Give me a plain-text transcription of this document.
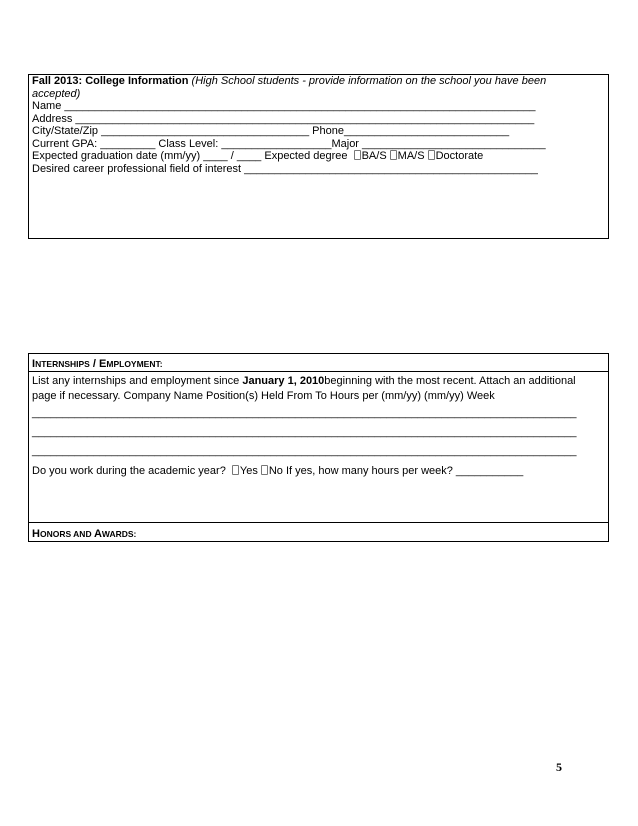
Fall 2013: College Information (High School students - provide information on the school you have been
accepted)
Name _____________________________________________________________________________
Address ___________________________________________________________________________
City/State/Zip __________________________________ Phone___________________________
Current GPA: _________ Class Level: __________________Major ______________________________
Expected graduation date (mm/yy) ____ / ____ Expected degree BA/S MA/S Doctorate
Desired career professional field of interest ________________________________________________
INTERNSHIPS / EMPLOYMENT:
List any internships and employment since January 1, 2010beginning with the most recent. Attach an additional
page if necessary. Company Name Position(s) Held From To Hours per (mm/yy) (mm/yy) Week
_________________________________________________________________________________________
_________________________________________________________________________________________
_________________________________________________________________________________________
Do you work during the academic year? Yes No If yes, how many hours per week? ___________
HONORS AND AWARDS:
5
